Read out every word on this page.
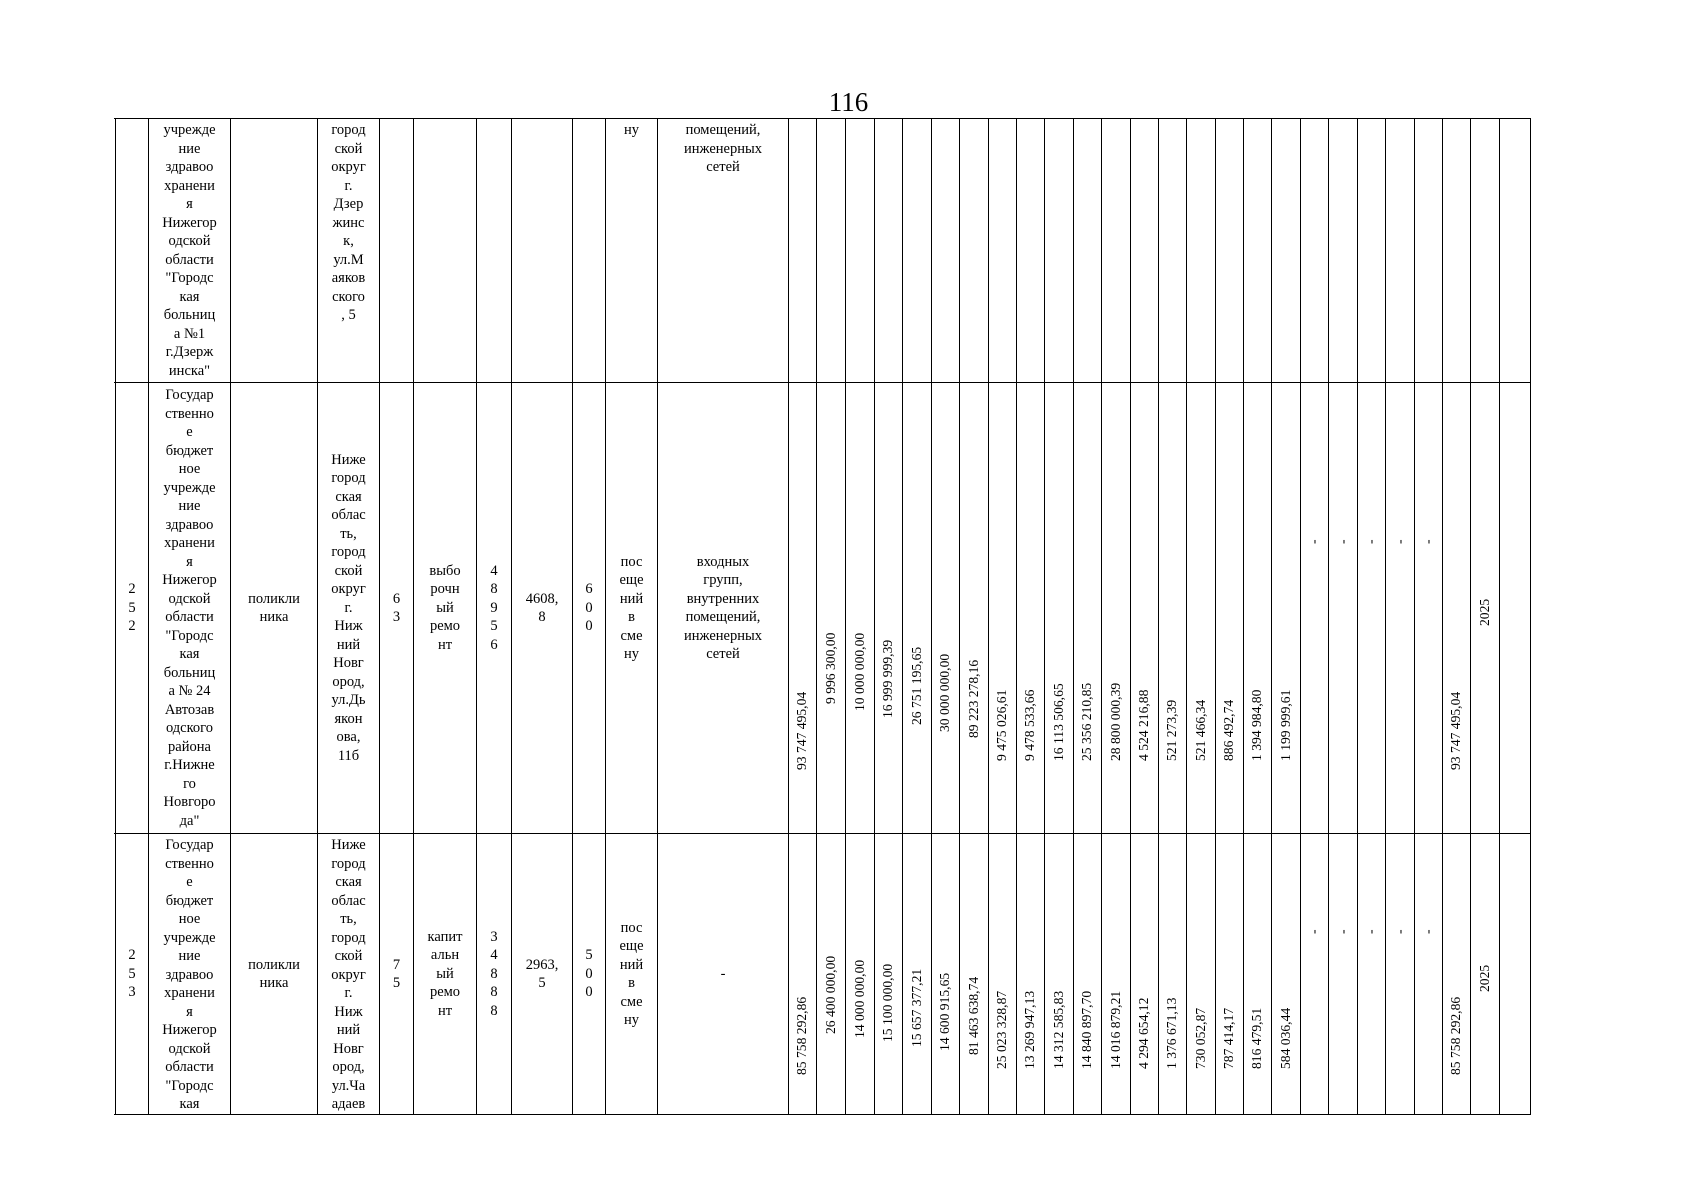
116
учрежде
ние
здравоо
хранени
я
Нижегор
одской
области
"Городс
кая
больниц
а №1
г.Дзерж
инска"
город
ской
округ
г.
Дзер
жинс
к,
ул.М
аяков
ского
, 5
ну	помещений,
инженерных
сетей
2
5
2
Государ
ственно
е
бюджет
ное
учрежде
ние
здравоо
хранени
я
Нижегор
одской
области
"Городс
кая
больниц
а № 24
Автозав
одского
района
г.Нижне
го
Новгоро
да"
поликли
ника
Ниже
город
ская
облас
ть,
город
ской
округ
г.
Ниж
ний
Новг
ород,
ул.Дь
якон
ова,
11б
6
3
выбо
рочн
ый
ремо
нт
4
8
9
5
6
4608,
8
6
0
0
пос
еще
ний
в
сме
ну
входных
групп,
внутренних
помещений,
инженерных
сетей
93 747 495,04
9 996 300,00 10 000 000,00 16 999 999,39 26 751 195,65 30 000 000,00 89 223 278,16 9 475 026,61 9 478 533,66 16 113 506,65 25 356 210,85 28 800 000,39 4 524 216,88 521 273,39 521 466,34 886 492,74 1 394 984,80 1 199 999,61
- - - - -
93 747 495,04
2025
2
5
3
Государ
ственно
е
бюджет
ное
учрежде
ние
здравоо
хранени
я
Нижегор
одской
области
"Городс
кая
поликли
ника
Ниже
город
ская
облас
ть,
город
ской
округ
г.
Ниж
ний
Новг
ород,
ул.Ча
адаев
7
5
капит
альн
ый
ремо
нт
3
4
8
8
8
2963,
5
5
0
0
пос
еще
ний
в
сме
ну
-
85 758 292,86
26 400 000,00 14 000 000,00 15 100 000,00 15 657 377,21 14 600 915,65 81 463 638,74 25 023 328,87 13 269 947,13 14 312 585,83 14 840 897,70 14 016 879,21 4 294 654,12 1 376 671,13 730 052,87 787 414,17 816 479,51 584 036,44
- - - - -
85 758 292,86
2025
